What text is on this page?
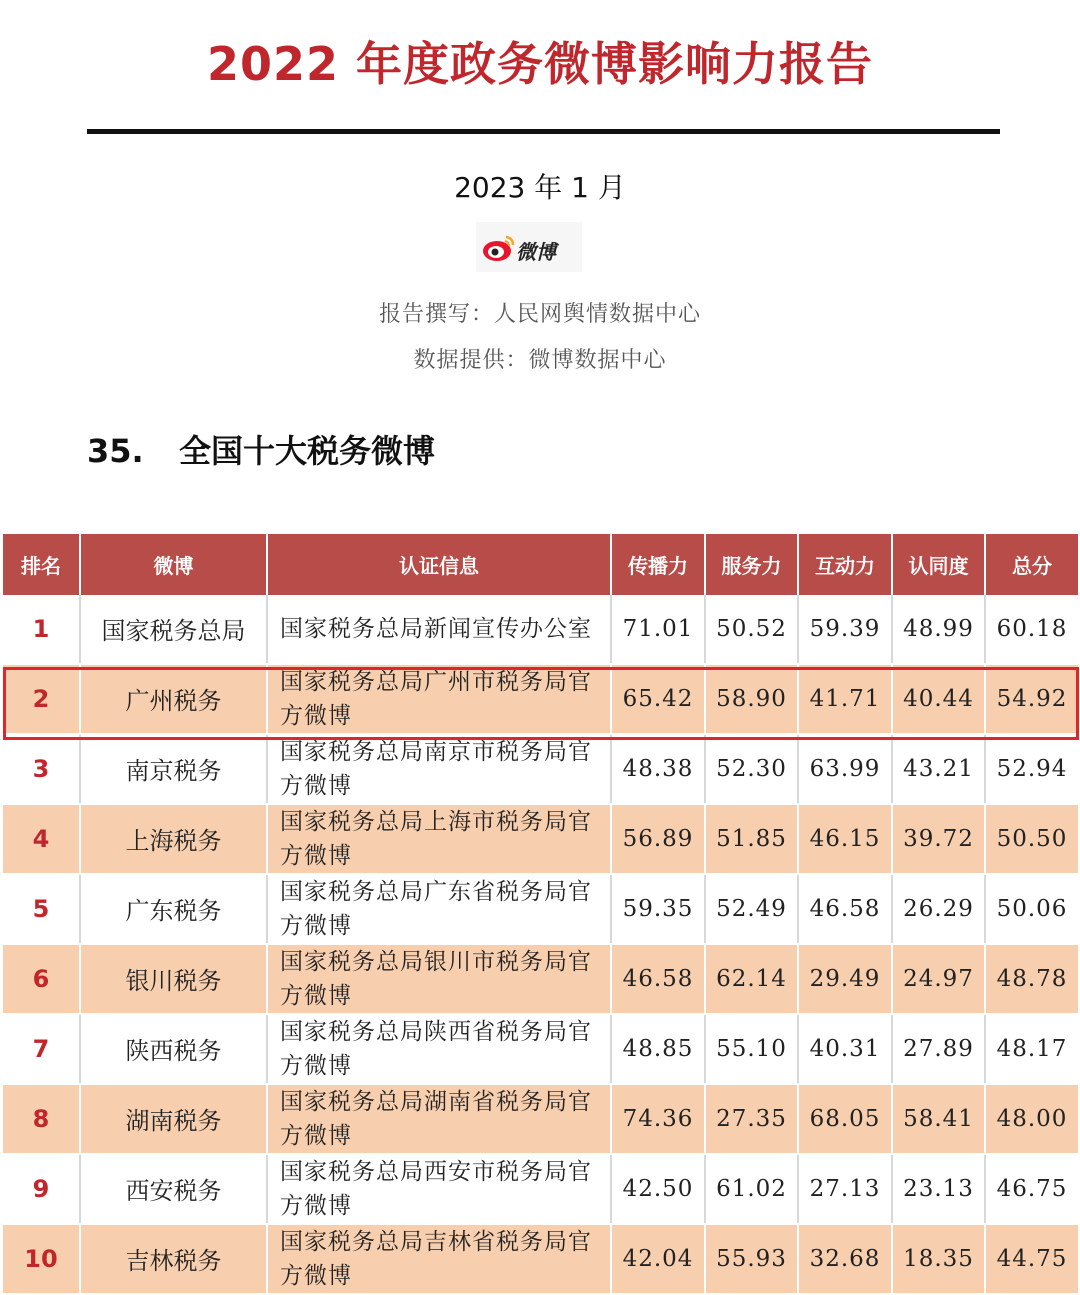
2022 年度政务微博影响力报告
2023 年 1 月
微博
报告撰写：人民网舆情数据中心
数据提供：微博数据中心
35. 全国十大税务微博
排名	微博	认证信息	传播力	服务力	互动力	认同度	总分
1	国家税务总局	国家税务总局新闻宣传办公室	71.01	50.52	59.39	48.99	60.18
2	广州税务	国家税务总局广州市税务局官方微博	65.42	58.90	41.71	40.44	54.92
3	南京税务	国家税务总局南京市税务局官方微博	48.38	52.30	63.99	43.21	52.94
4	上海税务	国家税务总局上海市税务局官方微博	56.89	51.85	46.15	39.72	50.50
5	广东税务	国家税务总局广东省税务局官方微博	59.35	52.49	46.58	26.29	50.06
6	银川税务	国家税务总局银川市税务局官方微博	46.58	62.14	29.49	24.97	48.78
7	陕西税务	国家税务总局陕西省税务局官方微博	48.85	55.10	40.31	27.89	48.17
8	湖南税务	国家税务总局湖南省税务局官方微博	74.36	27.35	68.05	58.41	48.00
9	西安税务	国家税务总局西安市税务局官方微博	42.50	61.02	27.13	23.13	46.75
10	吉林税务	国家税务总局吉林省税务局官方微博	42.04	55.93	32.68	18.35	44.75
